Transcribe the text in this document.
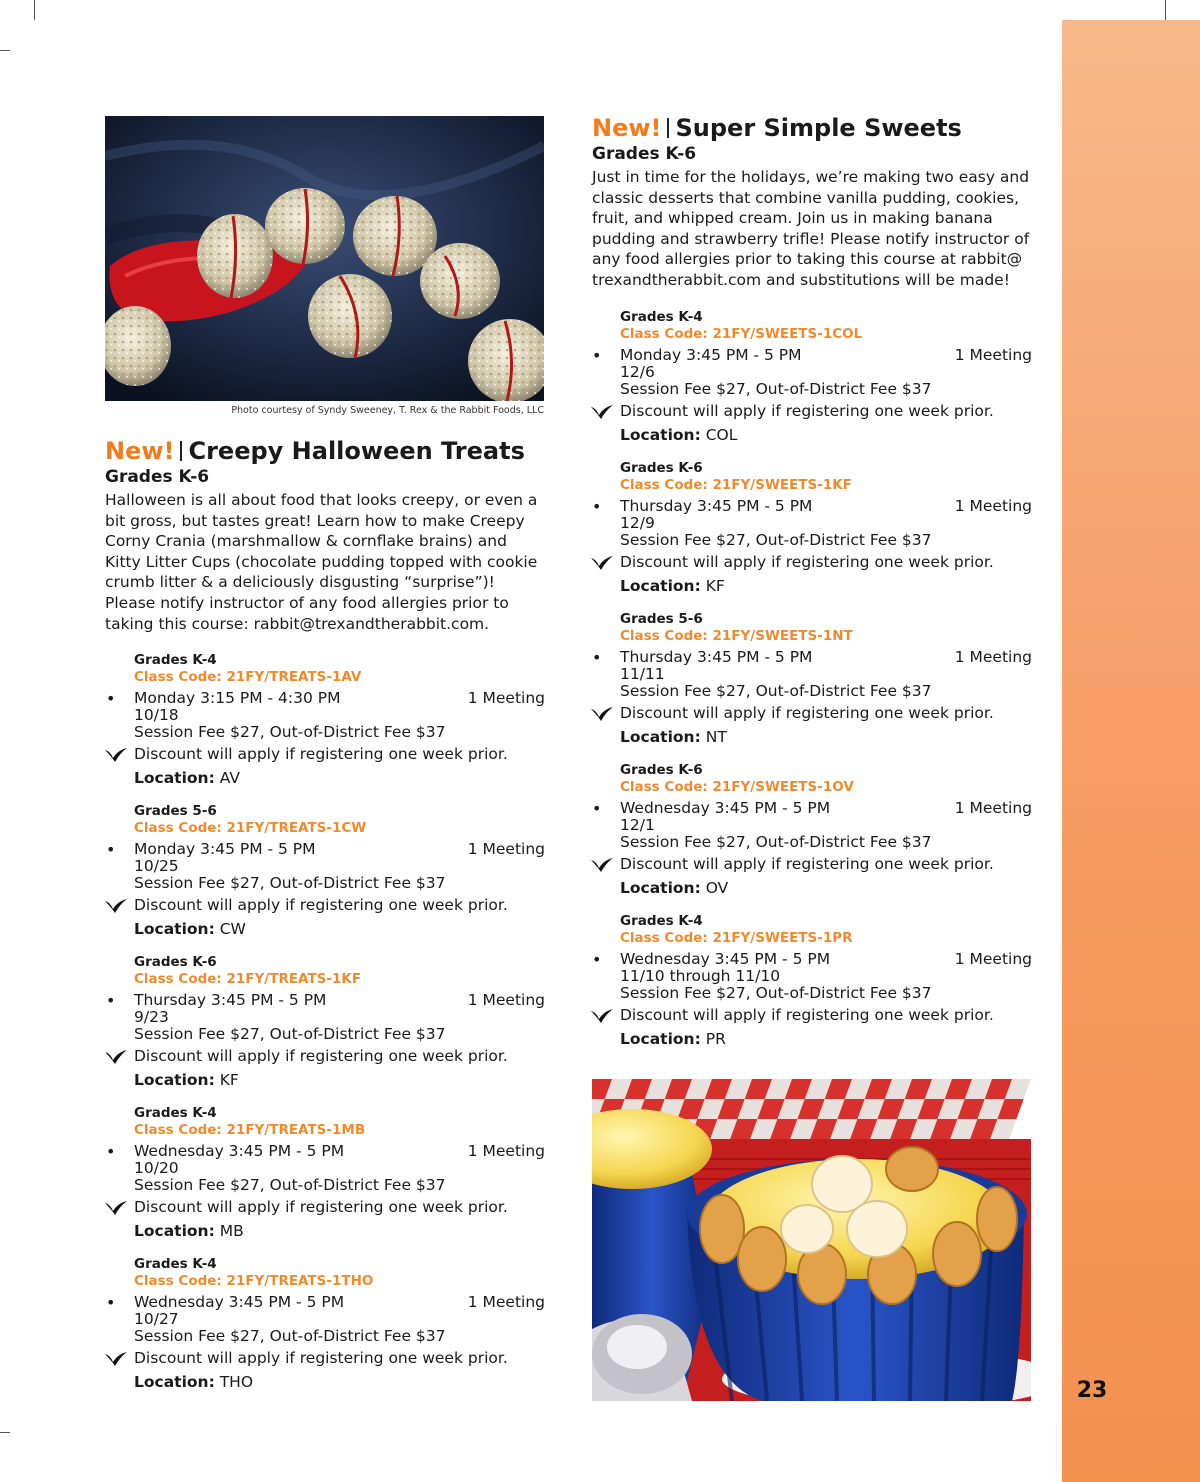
23
Photo courtesy of Syndy Sweeney, T. Rex & the Rabbit Foods, LLC
New! Creepy Halloween Treats
Grades K-6
Halloween is all about food that looks creepy, or even a bit gross, but tastes great! Learn how to make Creepy Corny Crania (marshmallow & cornflake brains) and Kitty Litter Cups (chocolate pudding topped with cookie crumb litter & a deliciously disgusting “surprise”)! Please notify instructor of any food allergies prior to taking this course: rabbit@trexandtherabbit.com.
Grades K-4
Class Code: 21FY/TREATS-1AV
• Monday 3:15 PM - 4:30 PM	1 Meeting
10/18
Session Fee $27, Out-of-District Fee $37
Discount will apply if registering one week prior.
Location: AV
Grades 5-6
Class Code: 21FY/TREATS-1CW
• Monday 3:45 PM - 5 PM	1 Meeting
10/25
Session Fee $27, Out-of-District Fee $37
Discount will apply if registering one week prior.
Location: CW
Grades K-6
Class Code: 21FY/TREATS-1KF
• Thursday 3:45 PM - 5 PM	1 Meeting
9/23
Session Fee $27, Out-of-District Fee $37
Discount will apply if registering one week prior.
Location: KF
Grades K-4
Class Code: 21FY/TREATS-1MB
• Wednesday 3:45 PM - 5 PM	1 Meeting
10/20
Session Fee $27, Out-of-District Fee $37
Discount will apply if registering one week prior.
Location: MB
Grades K-4
Class Code: 21FY/TREATS-1THO
• Wednesday 3:45 PM - 5 PM	1 Meeting
10/27
Session Fee $27, Out-of-District Fee $37
Discount will apply if registering one week prior.
Location: THO
New! Super Simple Sweets
Grades K-6
Just in time for the holidays, we’re making two easy and classic desserts that combine vanilla pudding, cookies, fruit, and whipped cream. Join us in making banana pudding and strawberry trifle! Please notify instructor of any food allergies prior to taking this course at rabbit@ trexandtherabbit.com and substitutions will be made!
Grades K-4
Class Code: 21FY/SWEETS-1COL
• Monday 3:45 PM - 5 PM	1 Meeting
12/6
Session Fee $27, Out-of-District Fee $37
Discount will apply if registering one week prior.
Location: COL
Grades K-6
Class Code: 21FY/SWEETS-1KF
• Thursday 3:45 PM - 5 PM	1 Meeting
12/9
Session Fee $27, Out-of-District Fee $37
Discount will apply if registering one week prior.
Location: KF
Grades 5-6
Class Code: 21FY/SWEETS-1NT
• Thursday 3:45 PM - 5 PM	1 Meeting
11/11
Session Fee $27, Out-of-District Fee $37
Discount will apply if registering one week prior.
Location: NT
Grades K-6
Class Code: 21FY/SWEETS-1OV
• Wednesday 3:45 PM - 5 PM	1 Meeting
12/1
Session Fee $27, Out-of-District Fee $37
Discount will apply if registering one week prior.
Location: OV
Grades K-4
Class Code: 21FY/SWEETS-1PR
• Wednesday 3:45 PM - 5 PM	1 Meeting
11/10 through 11/10
Session Fee $27, Out-of-District Fee $37
Discount will apply if registering one week prior.
Location: PR
